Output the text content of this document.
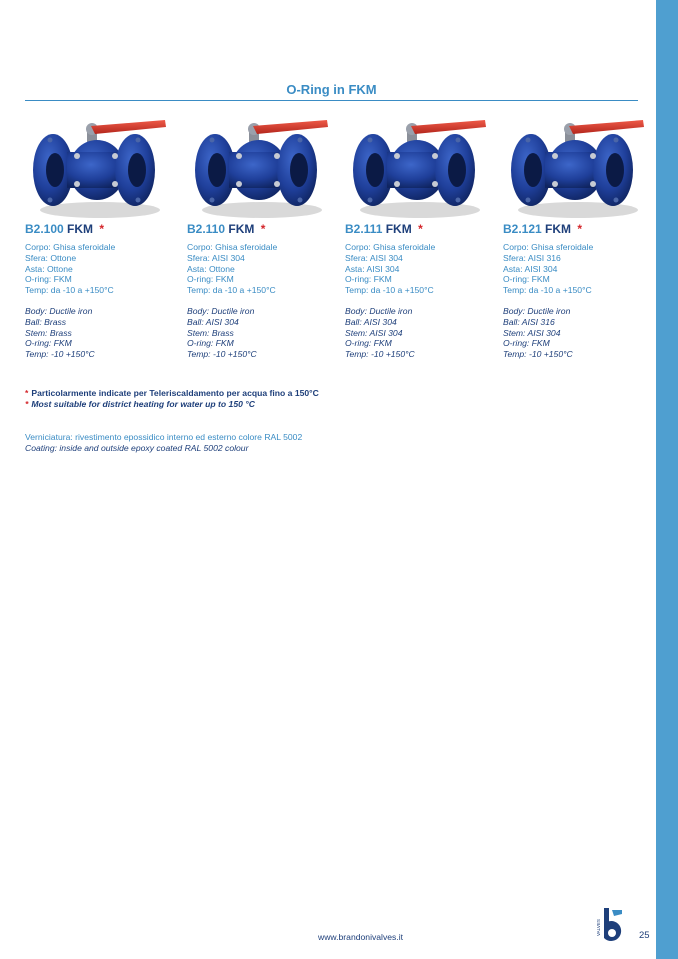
O-Ring in FKM
B2.100 FKM *
Corpo: Ghisa sferoidale
Sfera: Ottone
Asta: Ottone
O-ring: FKM
Temp: da -10 a +150°C
Body: Ductile iron
Ball: Brass
Stem: Brass
O-ring: FKM
Temp: -10 +150°C
B2.110 FKM *
Corpo: Ghisa sferoidale
Sfera: AISI 304
Asta: Ottone
O-ring: FKM
Temp: da -10 a +150°C
Body: Ductile iron
Ball: AISI 304
Stem: Brass
O-ring: FKM
Temp: -10 +150°C
B2.111 FKM *
Corpo: Ghisa sferoidale
Sfera: AISI 304
Asta: AISI 304
O-ring: FKM
Temp: da -10 a +150°C
Body: Ductile iron
Ball: AISI 304
Stem: AISI 304
O-ring: FKM
Temp: -10 +150°C
B2.121 FKM *
Corpo: Ghisa sferoidale
Sfera: AISI 316
Asta: AISI 304
O-ring: FKM
Temp: da -10 a +150°C
Body: Ductile iron
Ball: AISI 316
Stem: AISI 304
O-ring: FKM
Temp: -10 +150°C
* Particolarmente indicate per Teleriscaldamento per acqua fino a 150°C
* Most suitable for district heating for water up to 150 °C
Verniciatura: rivestimento epossidico interno ed esterno colore RAL 5002
Coating: inside and outside epoxy coated RAL 5002 colour
www.brandonivalves.it
VALVES	25
